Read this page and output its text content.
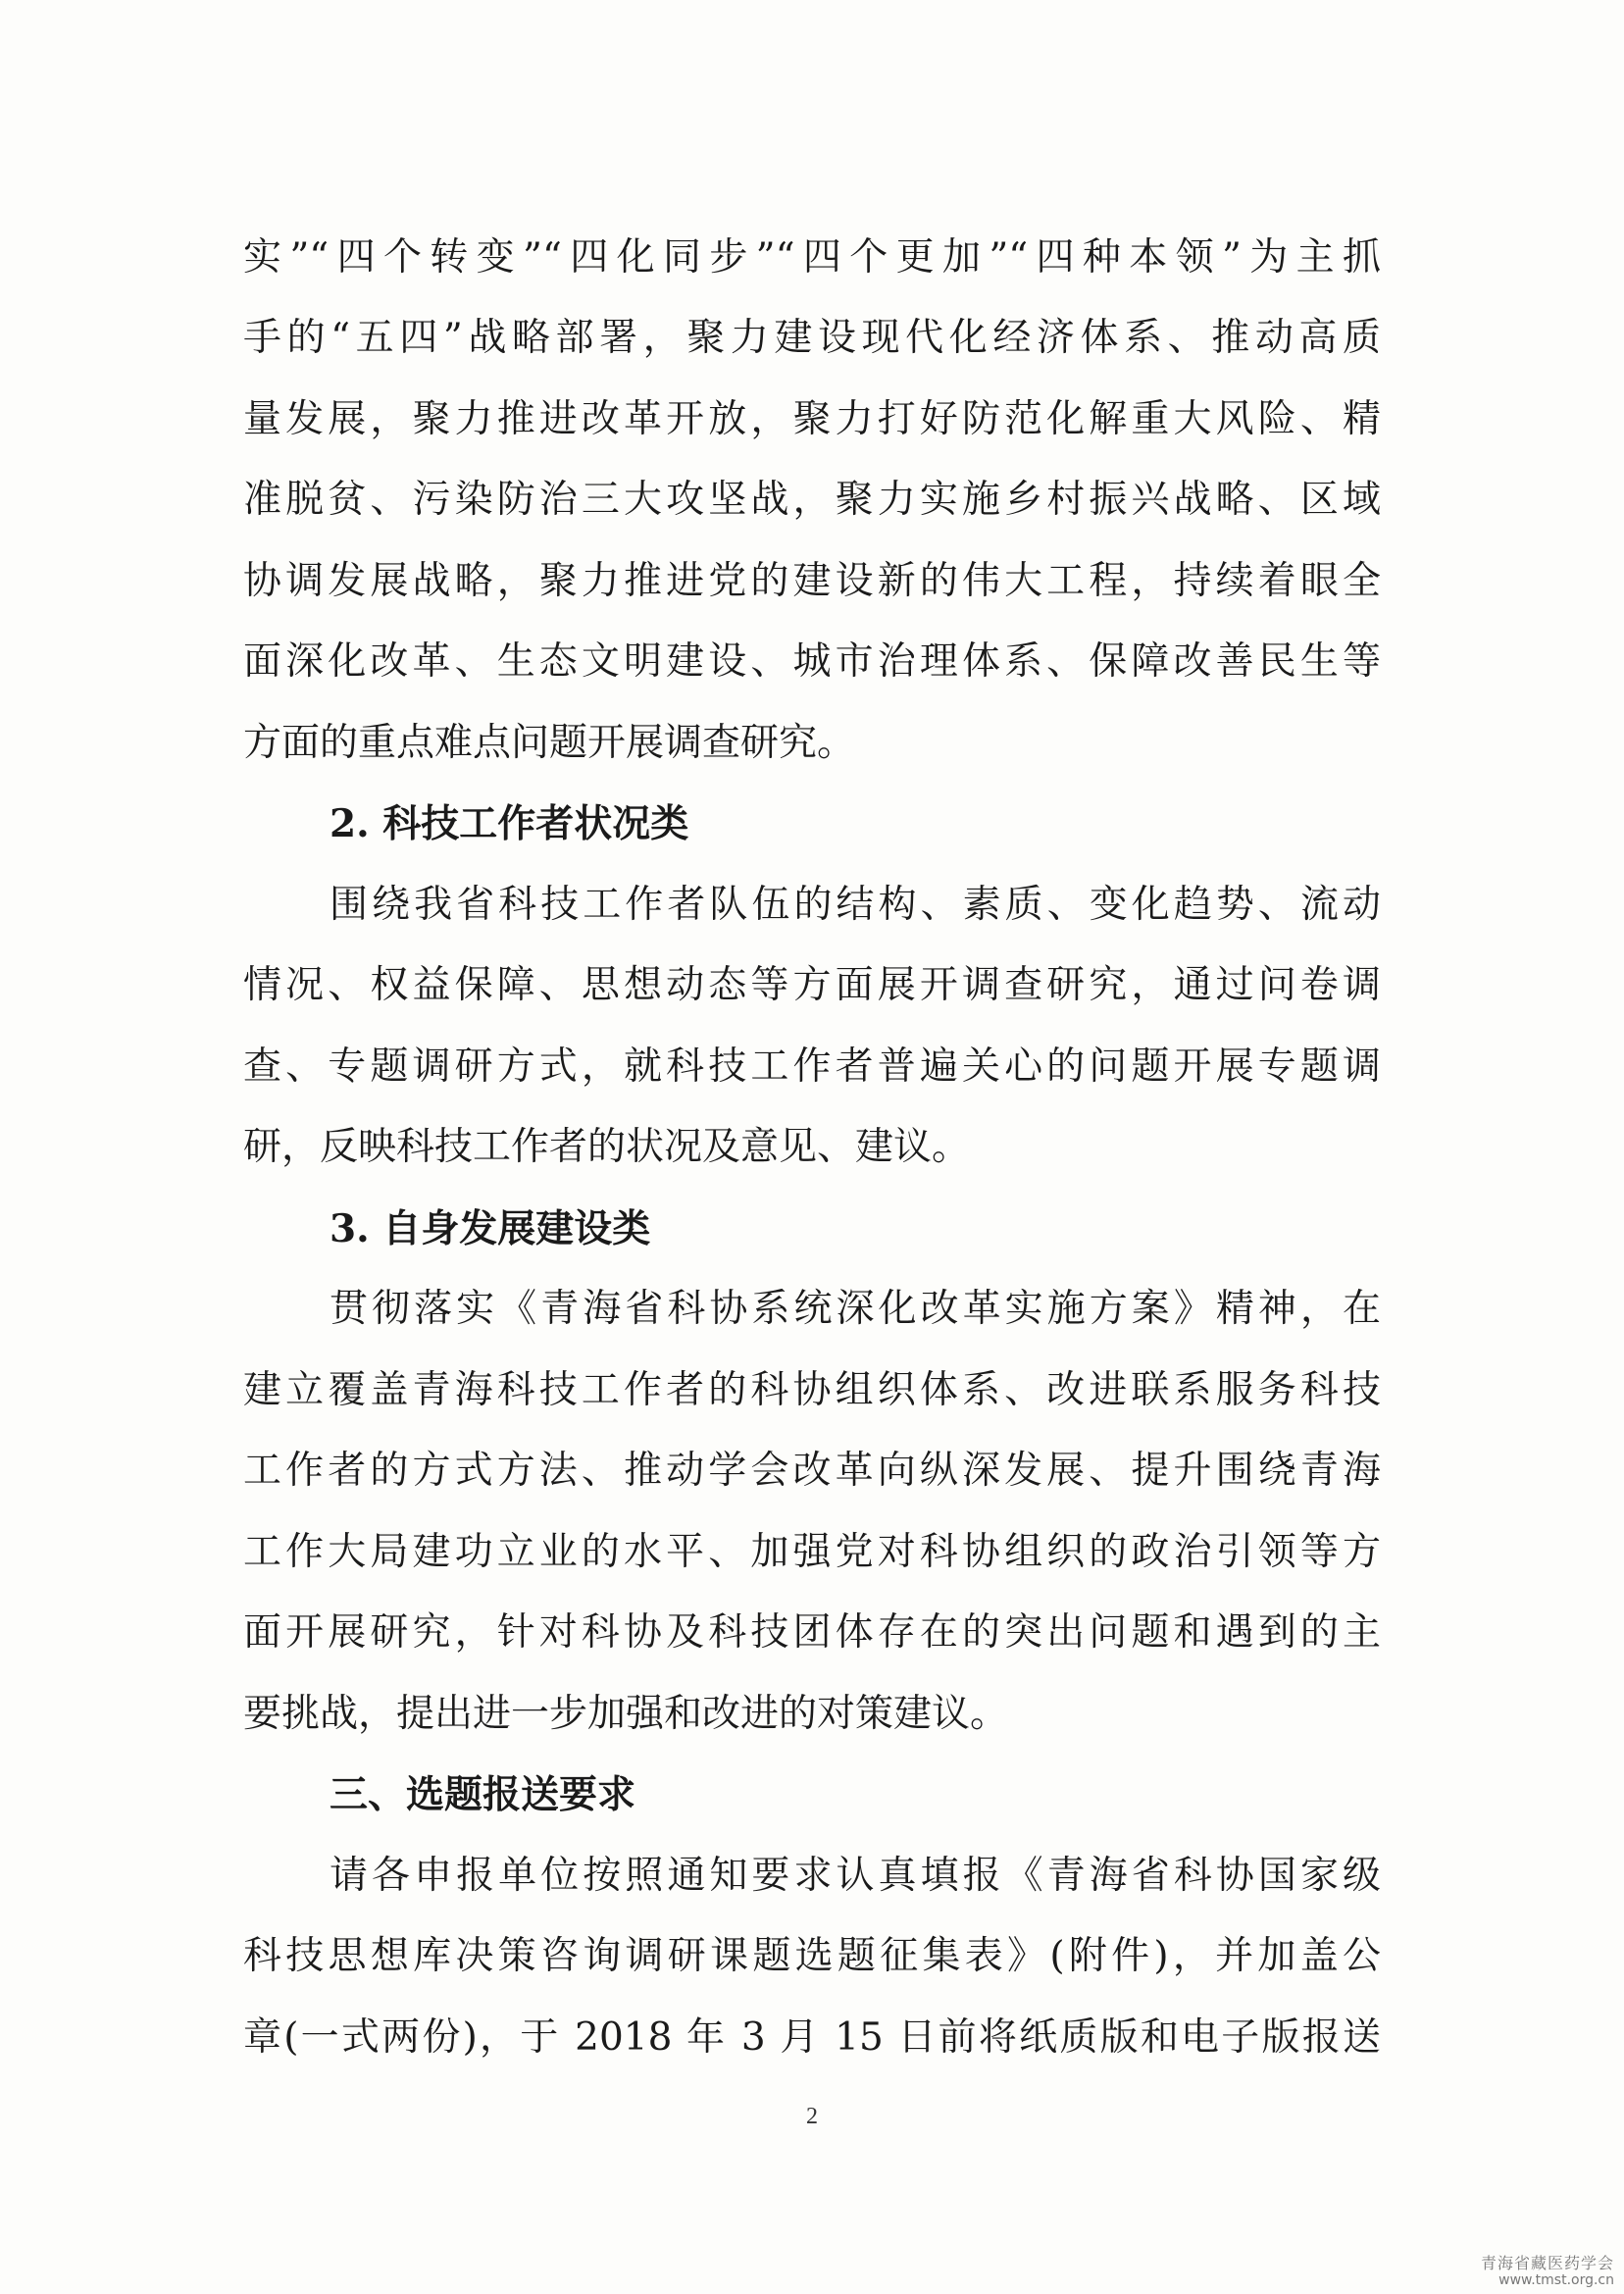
实”“四个转变”“四化同步”“四个更加”“四种本领”为主抓
手的“五四”战略部署，聚力建设现代化经济体系、推动高质
量发展，聚力推进改革开放，聚力打好防范化解重大风险、精
准脱贫、污染防治三大攻坚战，聚力实施乡村振兴战略、区域
协调发展战略，聚力推进党的建设新的伟大工程，持续着眼全
面深化改革、生态文明建设、城市治理体系、保障改善民生等
方面的重点难点问题开展调查研究。
2. 科技工作者状况类
围绕我省科技工作者队伍的结构、素质、变化趋势、流动
情况、权益保障、思想动态等方面展开调查研究，通过问卷调
查、专题调研方式，就科技工作者普遍关心的问题开展专题调
研，反映科技工作者的状况及意见、建议。
3. 自身发展建设类
贯彻落实《青海省科协系统深化改革实施方案》精神，在
建立覆盖青海科技工作者的科协组织体系、改进联系服务科技
工作者的方式方法、推动学会改革向纵深发展、提升围绕青海
工作大局建功立业的水平、加强党对科协组织的政治引领等方
面开展研究，针对科协及科技团体存在的突出问题和遇到的主
要挑战，提出进一步加强和改进的对策建议。
三、选题报送要求
请各申报单位按照通知要求认真填报《青海省科协国家级
科技思想库决策咨询调研课题选题征集表》(附件)，并加盖公
章(一式两份)，于 2018 年 3 月 15 日前将纸质版和电子版报送
2
青海省藏医药学会
www.tmst.org.cn
